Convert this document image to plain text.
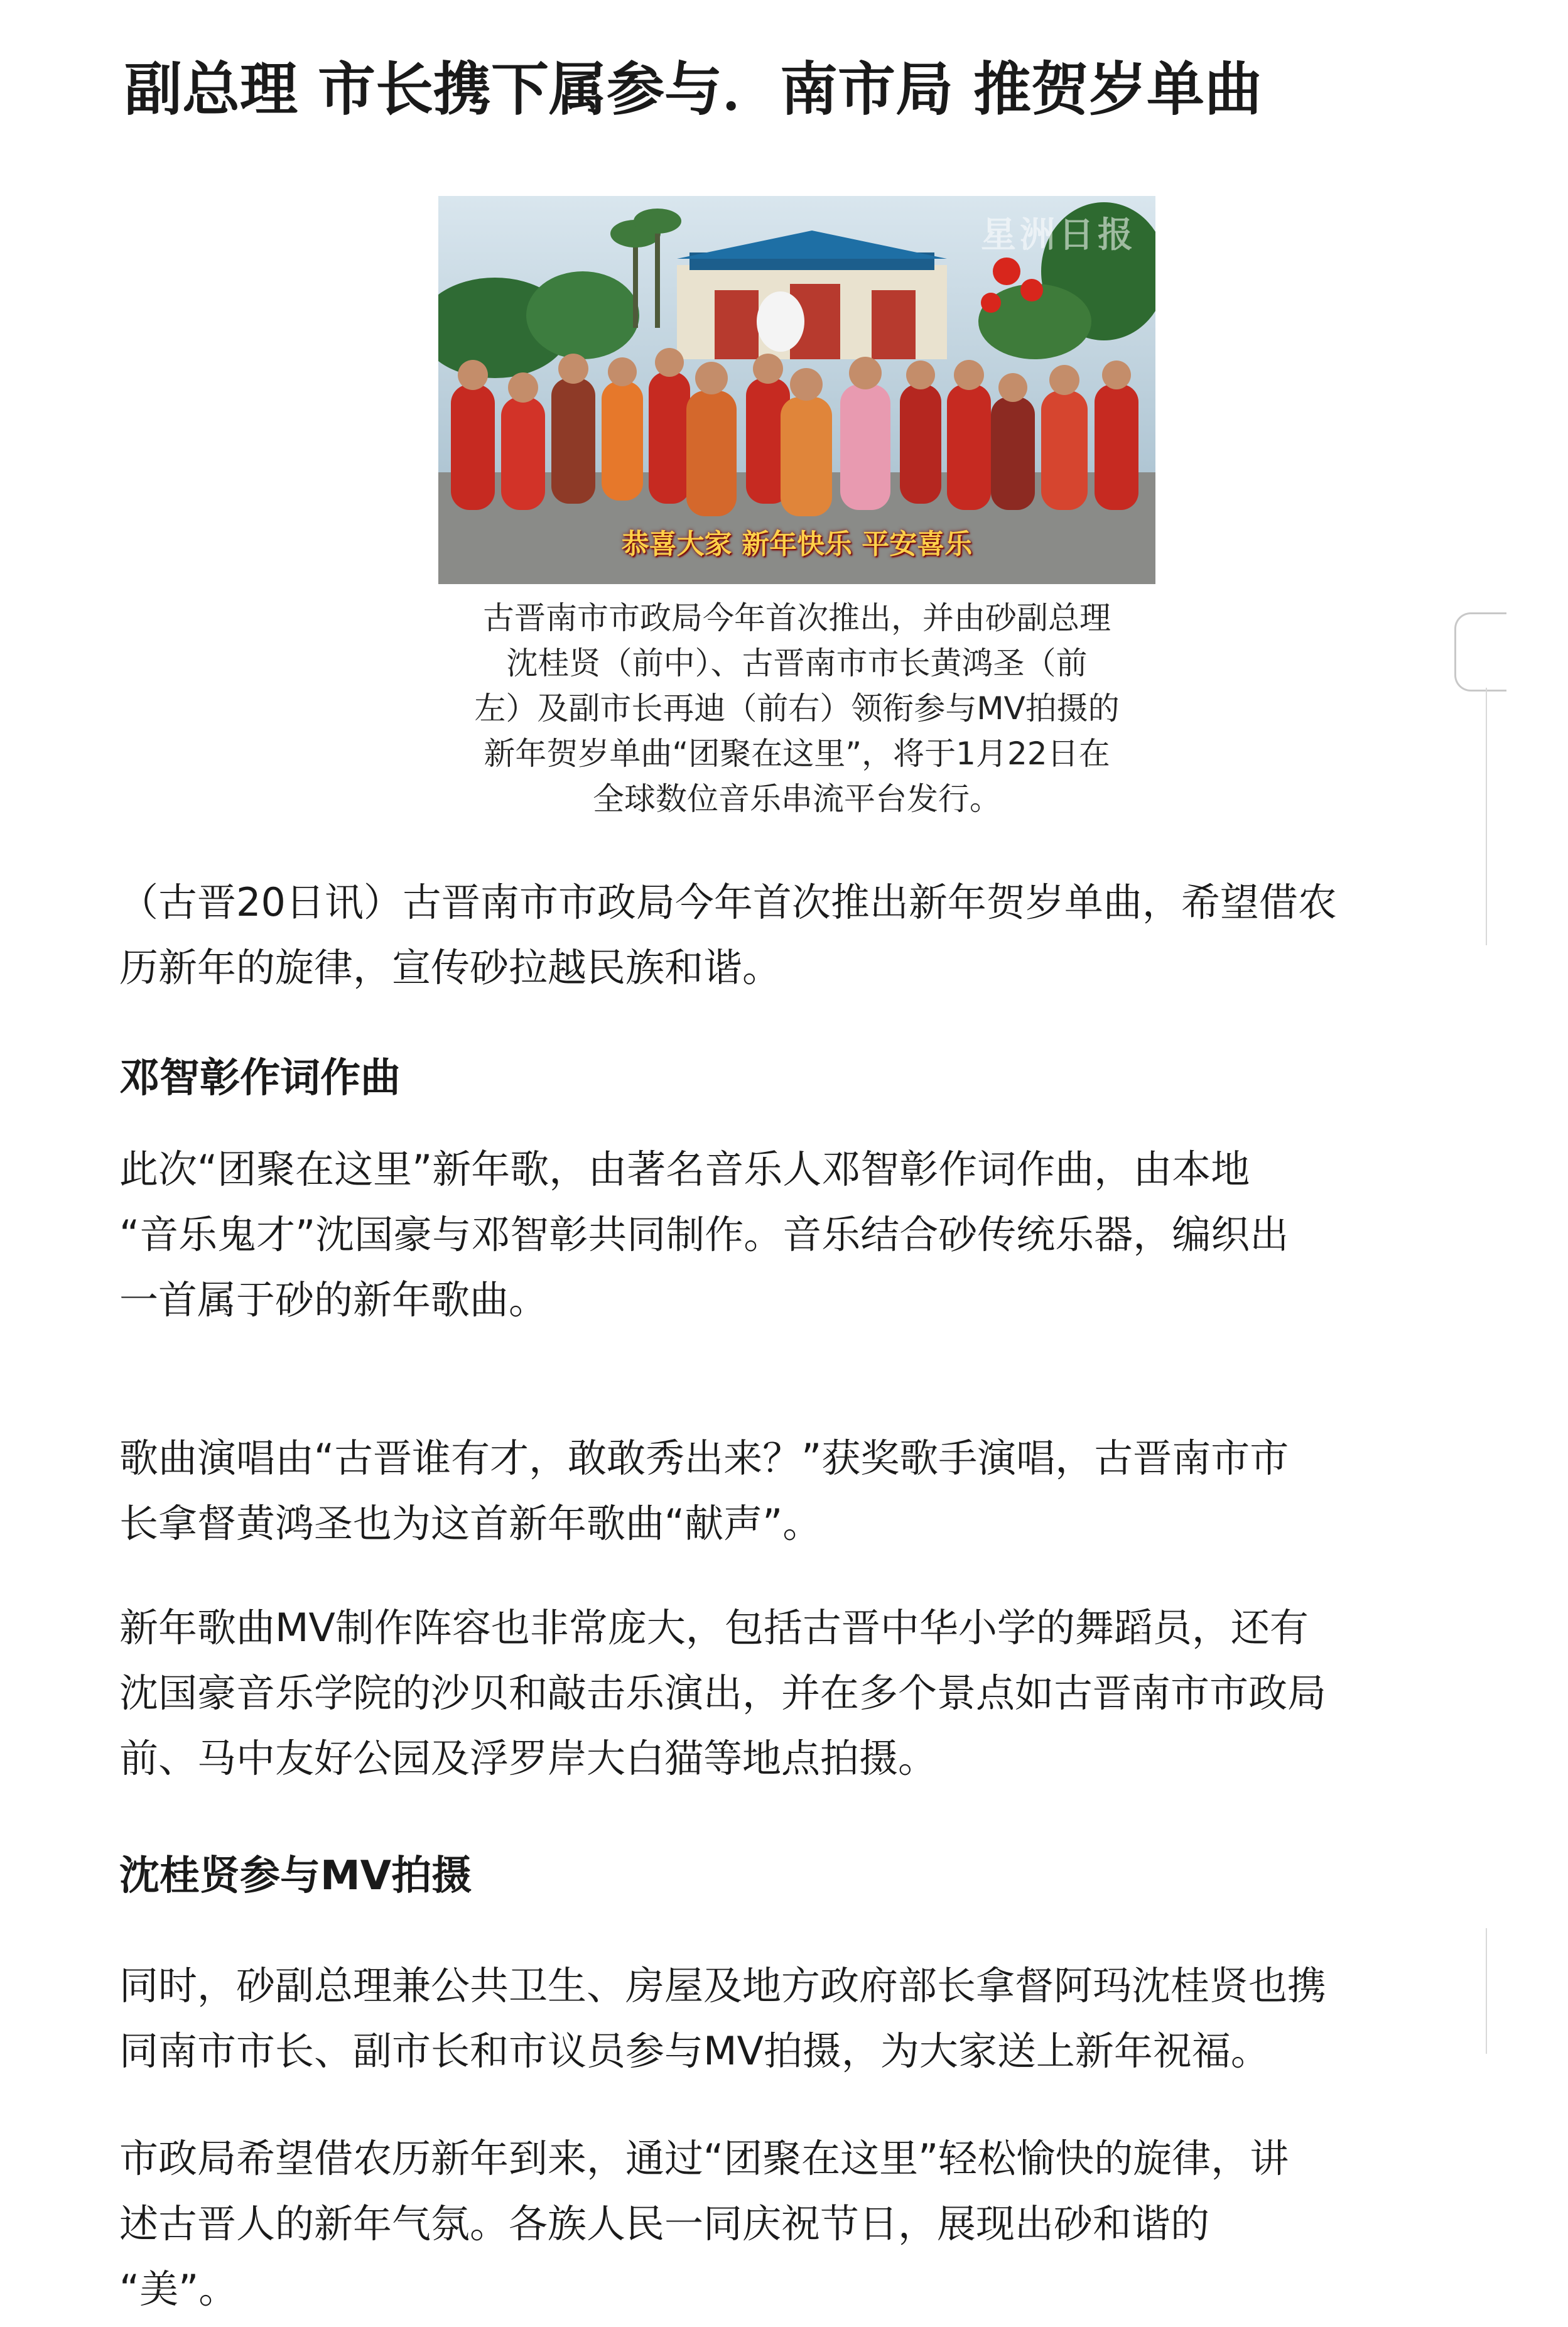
副总理 市长携下属参与．南市局 推贺岁单曲
星洲日报
恭喜大家 新年快乐 平安喜乐
古晋南市市政局今年首次推出，并由砂副总理
沈桂贤（前中）、古晋南市市长黄鸿圣（前
左）及副市长再迪（前右）领衔参与MV拍摄的
新年贺岁单曲“团聚在这里”，将于1月22日在
全球数位音乐串流平台发行。
（古晋20日讯）古晋南市市政局今年首次推出新年贺岁单曲，希望借农
历新年的旋律，宣传砂拉越民族和谐。
邓智彰作词作曲
此次“团聚在这里”新年歌，由著名音乐人邓智彰作词作曲，由本地
“音乐鬼才”沈国豪与邓智彰共同制作。音乐结合砂传统乐器，编织出
一首属于砂的新年歌曲。
歌曲演唱由“古晋谁有才，敢敢秀出来？”获奖歌手演唱，古晋南市市
长拿督黄鸿圣也为这首新年歌曲“献声”。
新年歌曲MV制作阵容也非常庞大，包括古晋中华小学的舞蹈员，还有
沈国豪音乐学院的沙贝和敲击乐演出，并在多个景点如古晋南市市政局
前、马中友好公园及浮罗岸大白猫等地点拍摄。
沈桂贤参与MV拍摄
同时，砂副总理兼公共卫生、房屋及地方政府部长拿督阿玛沈桂贤也携
同南市市长、副市长和市议员参与MV拍摄，为大家送上新年祝福。
市政局希望借农历新年到来，通过“团聚在这里”轻松愉快的旋律，讲
述古晋人的新年气氛。各族人民一同庆祝节日，展现出砂和谐的
“美”。
